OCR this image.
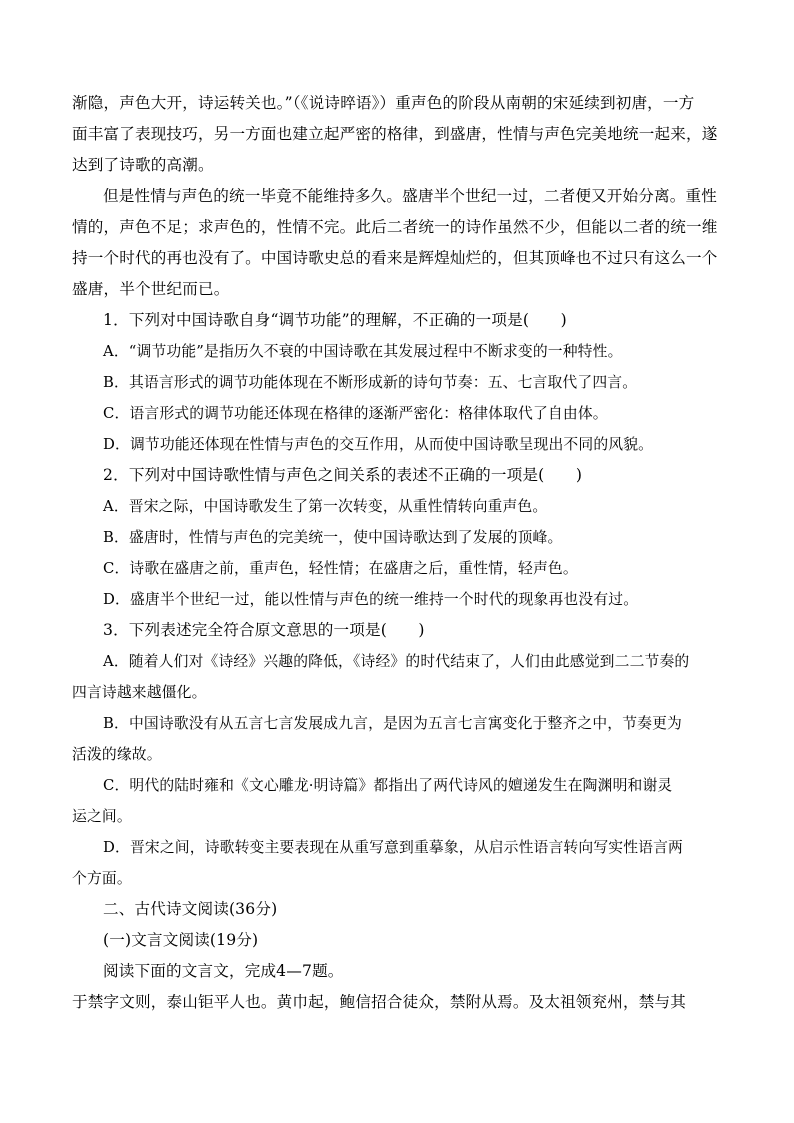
渐隐，声色大开，诗运转关也。”（《说诗晬语》）重声色的阶段从南朝的宋延续到初唐，一方
面丰富了表现技巧，另一方面也建立起严密的格律，到盛唐，性情与声色完美地统一起来，遂
达到了诗歌的高潮。
但是性情与声色的统一毕竟不能维持多久。盛唐半个世纪一过，二者便又开始分离。重性
情的，声色不足；求声色的，性情不完。此后二者统一的诗作虽然不少，但能以二者的统一维
持一个时代的再也没有了。中国诗歌史总的看来是辉煌灿烂的，但其顶峰也不过只有这么一个
盛唐，半个世纪而已。
1．下列对中国诗歌自身“调节功能”的理解，不正确的一项是(　　)
A．“调节功能”是指历久不衰的中国诗歌在其发展过程中不断求变的一种特性。
B．其语言形式的调节功能体现在不断形成新的诗句节奏：五、七言取代了四言。
C．语言形式的调节功能还体现在格律的逐渐严密化：格律体取代了自由体。
D．调节功能还体现在性情与声色的交互作用，从而使中国诗歌呈现出不同的风貌。
2．下列对中国诗歌性情与声色之间关系的表述不正确的一项是(　　)
A．晋宋之际，中国诗歌发生了第一次转变，从重性情转向重声色。
B．盛唐时，性情与声色的完美统一，使中国诗歌达到了发展的顶峰。
C．诗歌在盛唐之前，重声色，轻性情；在盛唐之后，重性情，轻声色。
D．盛唐半个世纪一过，能以性情与声色的统一维持一个时代的现象再也没有过。
3．下列表述完全符合原文意思的一项是(　　)
A．随着人们对《诗经》兴趣的降低，《诗经》的时代结束了，人们由此感觉到二二节奏的
四言诗越来越僵化。
B．中国诗歌没有从五言七言发展成九言，是因为五言七言寓变化于整齐之中，节奏更为
活泼的缘故。
C．明代的陆时雍和《文心雕龙·明诗篇》都指出了两代诗风的嬗递发生在陶渊明和谢灵
运之间。
D．晋宋之间，诗歌转变主要表现在从重写意到重摹象，从启示性语言转向写实性语言两
个方面。
二、古代诗文阅读(36分)
(一)文言文阅读(19分)
阅读下面的文言文，完成4—7题。
于禁字文则，泰山钜平人也。黄巾起，鲍信招合徒众，禁附从焉。及太祖领兖州，禁与其
